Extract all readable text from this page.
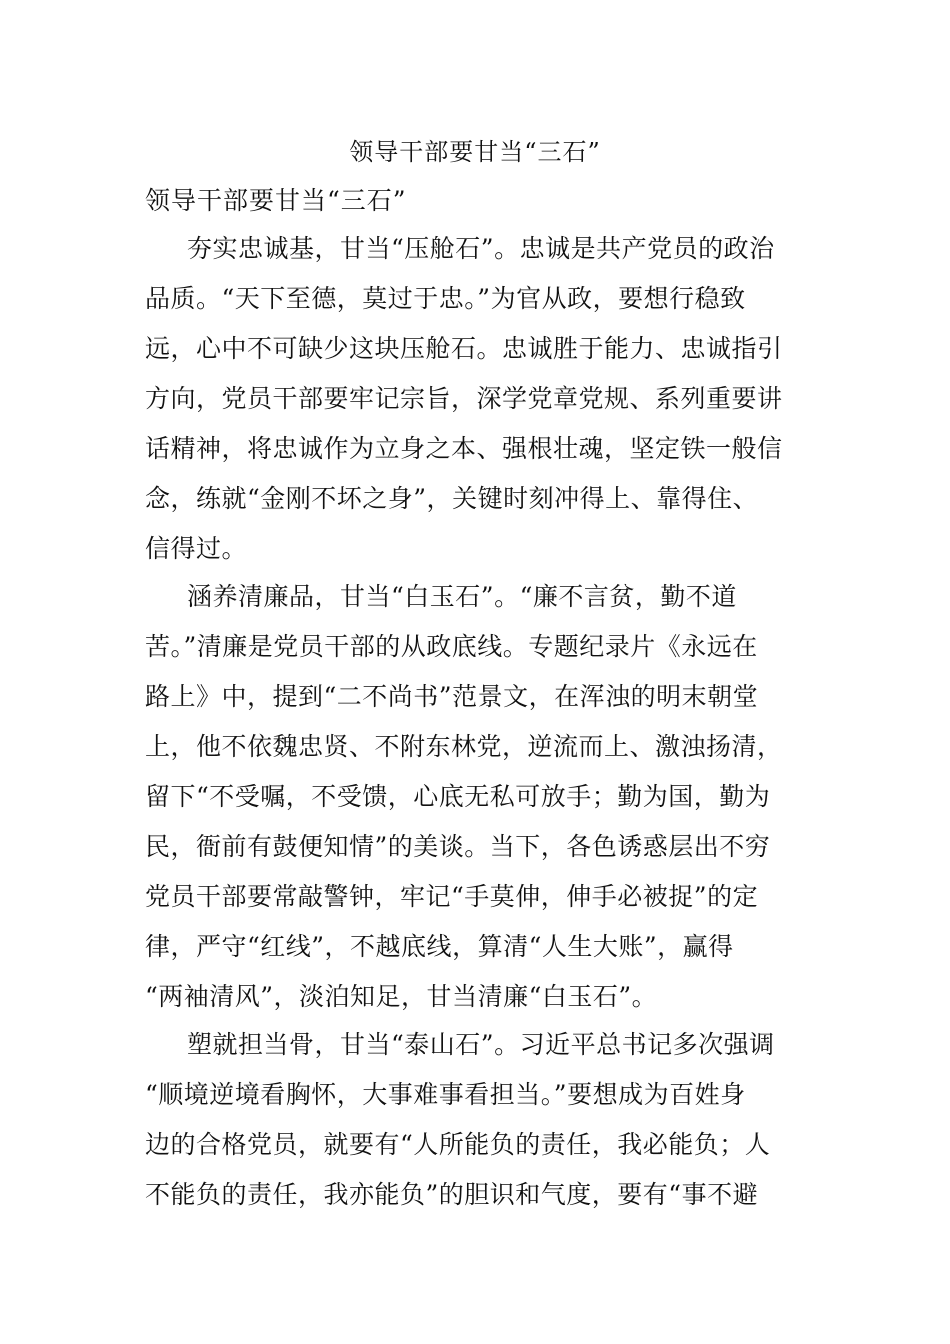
领导干部要甘当“三石”
领导干部要甘当“三石”
夯实忠诚基，甘当“压舱石”。忠诚是共产党员的政治
品质。“天下至德，莫过于忠。”为官从政，要想行稳致
远，心中不可缺少这块压舱石。忠诚胜于能力、忠诚指引
方向，党员干部要牢记宗旨，深学党章党规、系列重要讲
话精神，将忠诚作为立身之本、强根壮魂，坚定铁一般信
念，练就“金刚不坏之身”，关键时刻冲得上、靠得住、
信得过。
涵养清廉品，甘当“白玉石”。“廉不言贫，勤不道
苦。”清廉是党员干部的从政底线。专题纪录片《永远在
路上》中，提到“二不尚书”范景文，在浑浊的明末朝堂
上，他不依魏忠贤、不附东林党，逆流而上、激浊扬清，
留下“不受嘱，不受馈，心底无私可放手；勤为国，勤为
民，衙前有鼓便知情”的美谈。当下，各色诱惑层出不穷
党员干部要常敲警钟，牢记“手莫伸，伸手必被捉”的定
律，严守“红线”，不越底线，算清“人生大账”，赢得
“两袖清风”，淡泊知足，甘当清廉“白玉石”。
塑就担当骨，甘当“泰山石”。习近平总书记多次强调
“顺境逆境看胸怀，大事难事看担当。”要想成为百姓身
边的合格党员，就要有“人所能负的责任，我必能负；人
不能负的责任，我亦能负”的胆识和气度，要有“事不避
